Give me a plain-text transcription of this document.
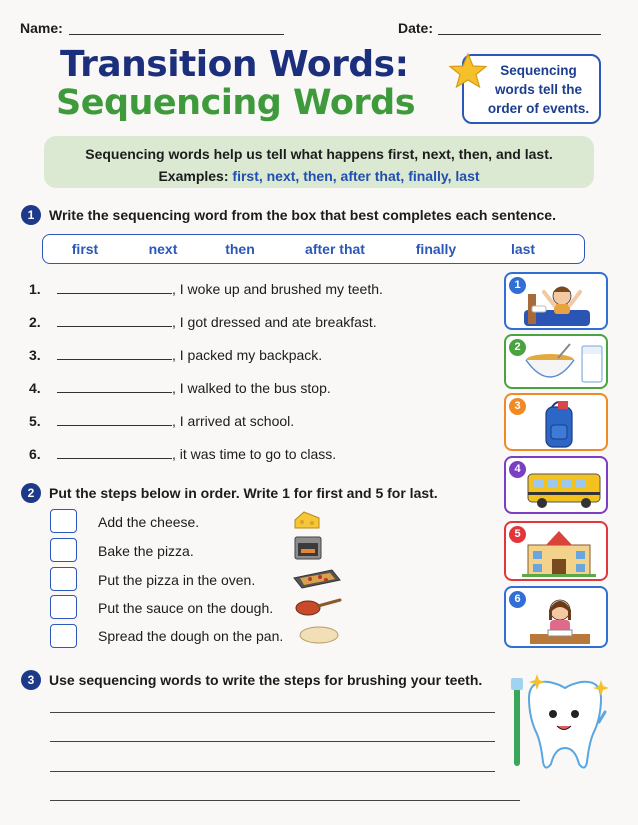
Name:	Date:
Transition Words:
Sequencing Words
Sequencing words tell the order of events.
Sequencing words help us tell what happens first, next, then, and last.
Examples: first, next, then, after that, finally, last
1	Write the sequencing word from the box that best completes each sentence.
first	next	then	after that	finally	last
1.	, I woke up and brushed my teeth.
2.	, I got dressed and ate breakfast.
3.	, I packed my backpack.
4.	, I walked to the bus stop.
5.	, I arrived at school.
6.	, it was time to go to class.
1
2
3
4
5
6
2	Put the steps below in order. Write 1 for first and 5 for last.
Add the cheese.
Bake the pizza.
Put the pizza in the oven.
Put the sauce on the dough.
Spread the dough on the pan.
3	Use sequencing words to write the steps for brushing your teeth.
